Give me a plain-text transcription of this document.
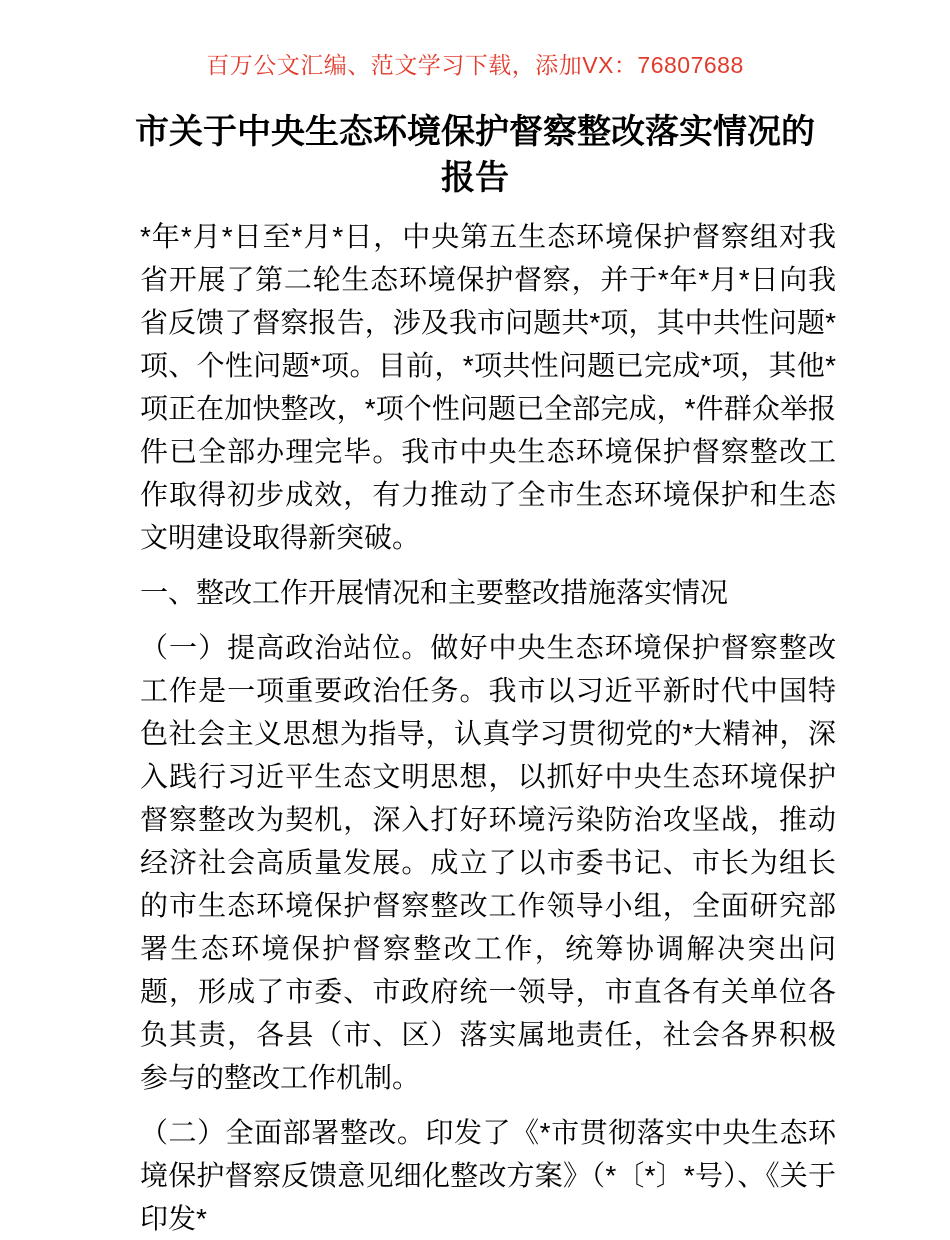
百万公文汇编、范文学习下载，添加VX：76807688

市关于中央生态环境保护督察整改落实情况的报告

*年*月*日至*月*日，中央第五生态环境保护督察组对我省开展了第二轮生态环境保护督察，并于*年*月*日向我省反馈了督察报告，涉及我市问题共*项，其中共性问题*项、个性问题*项。目前，*项共性问题已完成*项，其他*项正在加快整改，*项个性问题已全部完成，*件群众举报件已全部办理完毕。我市中央生态环境保护督察整改工作取得初步成效，有力推动了全市生态环境保护和生态文明建设取得新突破。

一、整改工作开展情况和主要整改措施落实情况

（一）提高政治站位。做好中央生态环境保护督察整改工作是一项重要政治任务。我市以习近平新时代中国特色社会主义思想为指导，认真学习贯彻党的*大精神，深入践行习近平生态文明思想，以抓好中央生态环境保护督察整改为契机，深入打好环境污染防治攻坚战，推动经济社会高质量发展。成立了以市委书记、市长为组长的市生态环境保护督察整改工作领导小组，全面研究部署生态环境保护督察整改工作，统筹协调解决突出问题，形成了市委、市政府统一领导，市直各有关单位各负其责，各县（市、区）落实属地责任，社会各界积极参与的整改工作机制。

（二）全面部署整改。印发了《*市贯彻落实中央生态环境保护督察反馈意见细化整改方案》（*〔*〕*号）、《关于印发*
